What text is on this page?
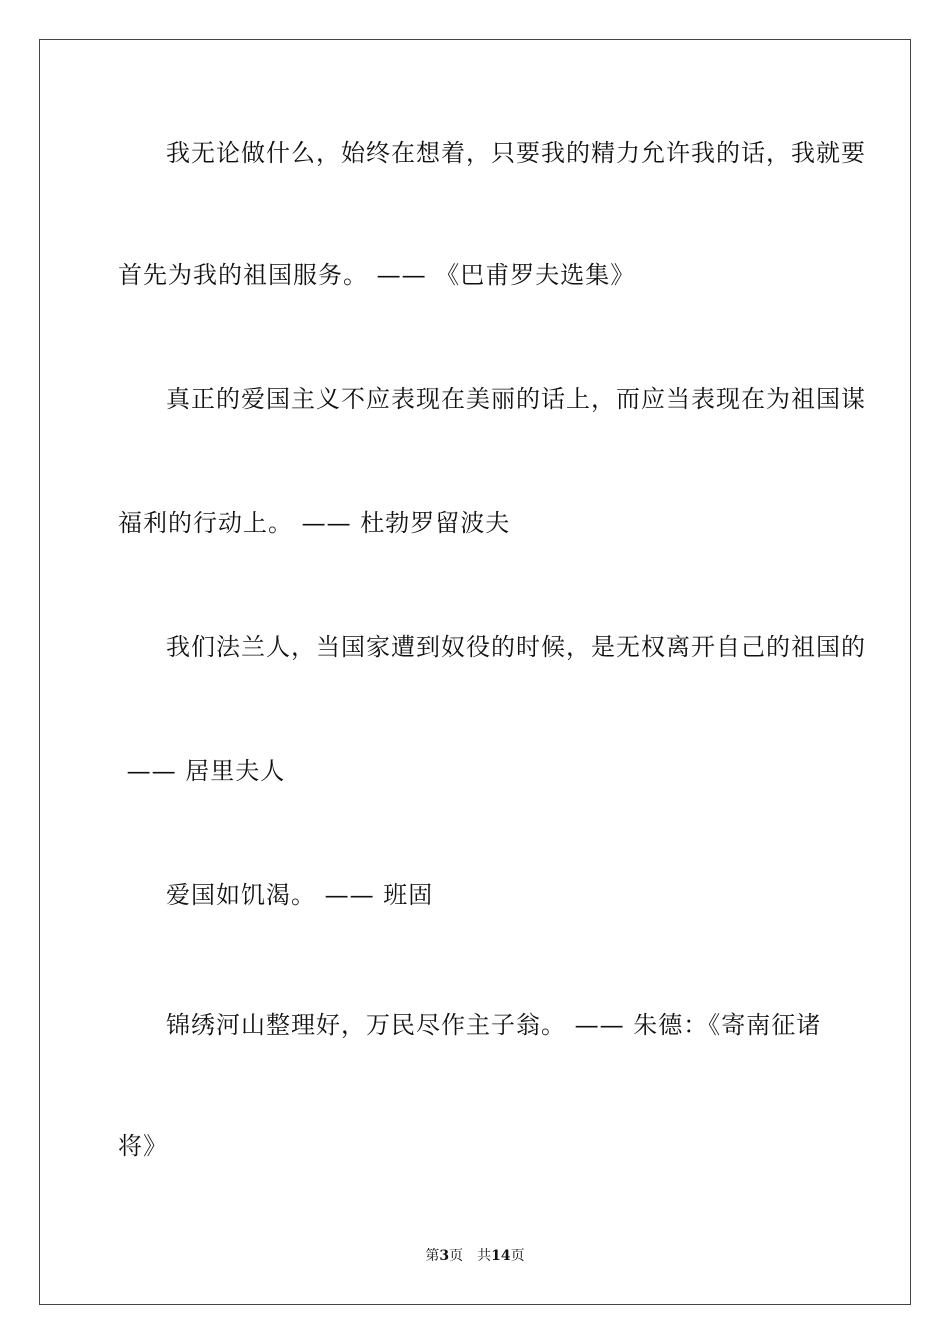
我无论做什么，始终在想着，只要我的精力允许我的话，我就要
首先为我的祖国服务。 —— 《巴甫罗夫选集》
真正的爱国主义不应表现在美丽的话上，而应当表现在为祖国谋
福利的行动上。 —— 杜勃罗留波夫
我们法兰人，当国家遭到奴役的时候，是无权离开自己的祖国的
—— 居里夫人
爱国如饥渴。 —— 班固
锦绣河山整理好，万民尽作主子翁。 —— 朱德：《寄南征诸
将》
第3页 共14页
